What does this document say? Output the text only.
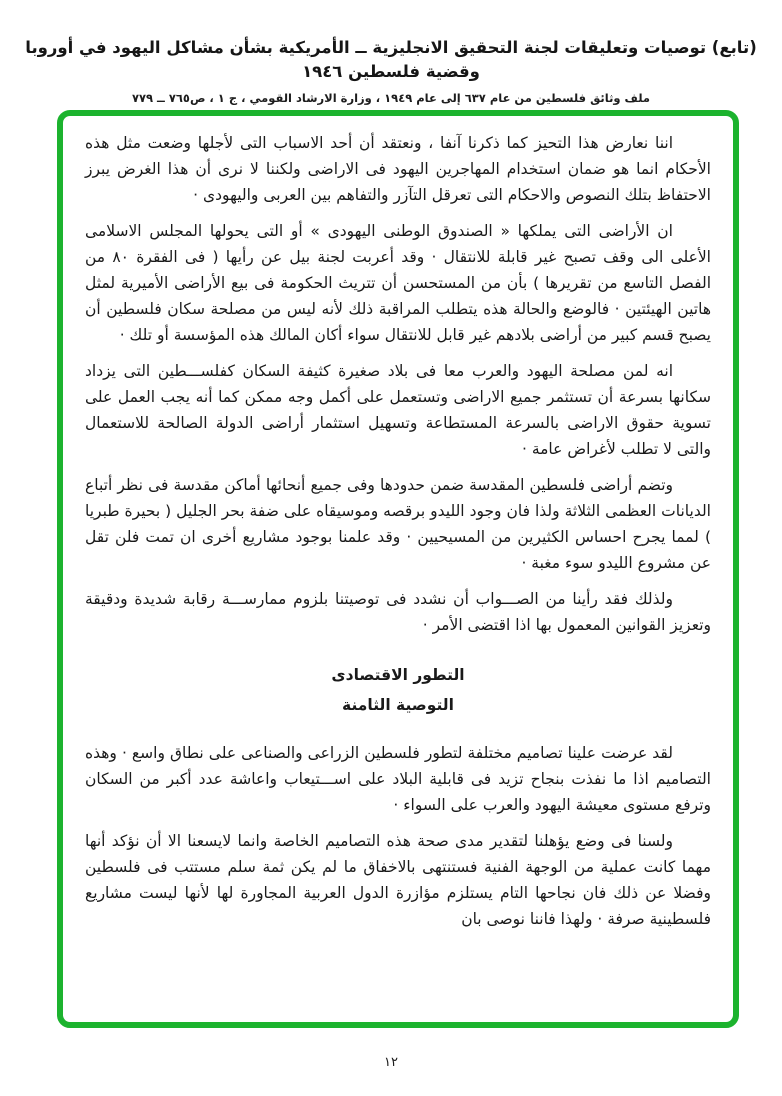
(تابع) توصيات وتعليقات لجنة التحقيق الانجليزية ــ الأمريكية بشأن مشاكل اليهود في أوروبا وقضية فلسطين ١٩٤٦
ملف وثائق فلسطين من عام ٦٣٧ إلى عام ١٩٤٩ ، وزارة الارشاد القومي ، ج ١ ، ص٧٦٥ ــ ٧٧٩

اننا نعارض هذا التحيز كما ذكرنا آنفا ، ونعتقد أن أحد الاسباب التى لأجلها وضعت مثل هذه الأحكام انما هو ضمان استخدام المهاجرين اليهود فى الاراضى ولكننا لا نرى أن هذا الغرض يبرز الاحتفاظ بتلك النصوص والاحكام التى تعرقل التآزر والتفاهم بين العربى واليهودى ·

ان الأراضى التى يملكها « الصندوق الوطنى اليهودى » أو التى يحولها المجلس الاسلامى الأعلى الى وقف تصبح غير قابلة للانتقال · وقد أعربت لجنة بيل عن رأيها ( فى الفقرة ٨٠ من الفصل التاسع من تقريرها ) بأن من المستحسن أن تتريث الحكومة فى بيع الأراضى الأميرية لمثل هاتين الهيئتين · فالوضع والحالة هذه يتطلب المراقبة ذلك لأنه ليس من مصلحة سكان فلسطين أن يصبح قسم كبير من أراضى بلادهم غير قابل للانتقال سواء أكان المالك هذه المؤسسة أو تلك ·

انه لمن مصلحة اليهود والعرب معا فى بلاد صغيرة كثيفة السكان كفلســـطين التى يزداد سكانها بسرعة أن تستثمر جميع الاراضى وتستعمل على أكمل وجه ممكن كما أنه يجب العمل على تسوية حقوق الاراضى بالسرعة المستطاعة وتسهيل استثمار أراضى الدولة الصالحة للاستعمال والتى لا تطلب لأغراض عامة ·

وتضم أراضى فلسطين المقدسة ضمن حدودها وفى جميع أنحائها أماكن مقدسة فى نظر أتباع الديانات العظمى الثلاثة ولذا فان وجود الليدو برقصه وموسيقاه على ضفة بحر الجليل ( بحيرة طبريا ) لمما يجرح احساس الكثيرين من المسيحيين · وقد علمنا بوجود مشاريع أخرى ان تمت فلن تقل عن مشروع الليدو سوء مغبة ·

ولذلك فقد رأينا من الصـــواب أن نشدد فى توصيتنا بلزوم ممارســـة رقابة شديدة ودقيقة وتعزيز القوانين المعمول بها اذا اقتضى الأمر ·

التطور الاقتصادى
التوصية الثامنة

لقد عرضت علينا تصاميم مختلفة لتطور فلسطين الزراعى والصناعى على نطاق واسع · وهذه التصاميم اذا ما نفذت بنجاح تزيد فى قابلية البلاد على اســـتيعاب واعاشة عدد أكبر من السكان وترفع مستوى معيشة اليهود والعرب على السواء ·

ولسنا فى وضع يؤهلنا لتقدير مدى صحة هذه التصاميم الخاصة وانما لايسعنا الا أن نؤكد أنها مهما كانت عملية من الوجهة الفنية فستنتهى بالاخفاق ما لم يكن ثمة سلم مستتب فى فلسطين وفضلا عن ذلك فان نجاحها التام يستلزم مؤازرة الدول العربية المجاورة لها لأنها ليست مشاريع فلسطينية صرفة · ولهذا فاننا نوصى بان

١٢
